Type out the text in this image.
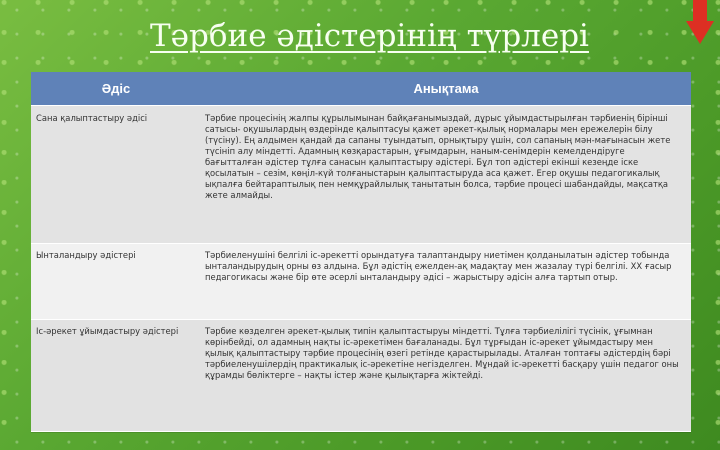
Тәрбие әдістерінің түрлері
Әдіс	Анықтама
Сана қалыптастыру әдісі	Тәрбие процесінің жалпы құрылымынан байқағанымыздай, дұрыс ұйымдастырылған тәрбиенің бірінші сатысы- оқушылардың өздерінде қалыптасуы қажет әрекет-қылық нормалары мен ережелерін білу (түсіну). Ең алдымен қандай да сапаны туындатып, орнықтыру үшін, сол сапаның мән-мағынасын жете түсініп алу міндетті. Адамның көзқарастарын, ұғымдарын, наным-сенімдерін кемелдендіруге бағытталған әдістер тұлға санасын қалыптастыру әдістері. Бұл топ әдістері екінші кезеңде іске қосылатын – сезім, көңіл-күй толғаныстарын қалыптастыруда аса қажет. Егер оқушы педагогикалық ықпалға бейтараптылық пен немқұрайлылық танытатын болса, тәрбие процесі шабандайды, мақсатқа жете алмайды.
Ынталандыру әдістері	Тәрбиеленушіні белгілі іс-әрекетті орындатуға талаптандыру ниетімен қолданылатын әдістер тобында ынталандырудың орны өз алдына. Бұл әдістің ежелден-ақ мадақтау мен жазалау түрі белгілі. ХХ ғасыр педагогикасы және бір өте әсерлі ынталандыру әдісі – жарыстыру әдісін алға тартып отыр.
Іс-әрекет ұйымдастыру әдістері	Тәрбие көзделген әрекет-қылық типін қалыптастыруы міндетті. Тұлға тәрбиелілігі түсінік, ұғымнан көрінбейді, ол адамның нақты іс-әрекетімен бағаланады. Бұл тұрғыдан іс-әрекет ұйымдастыру мен қылық қалыптастыру тәрбие процесінің өзегі ретінде қарастырылады. Аталған топтағы әдістердің бәрі тәрбиеленушілердің практикалық іс-әрекетіне негізделген. Мұндай іс-әрекетті басқару үшін педагог оны құрамды бөліктерге – нақты істер және қылықтарға жіктейді.
